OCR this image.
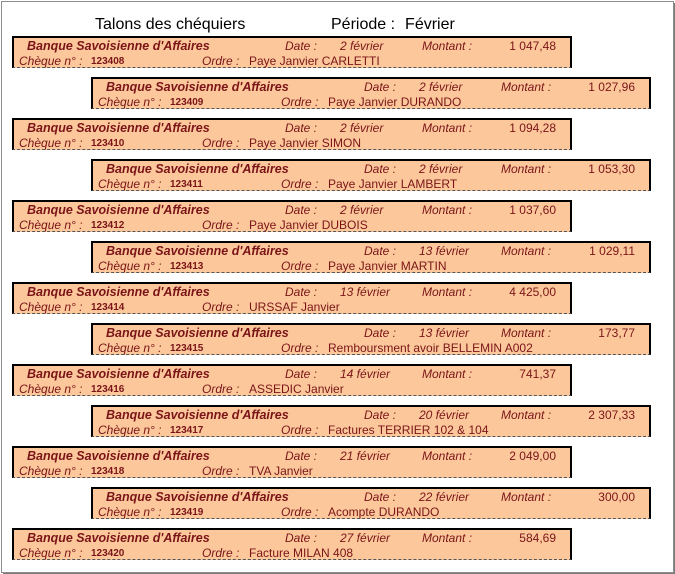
Talons des chéquiers	Période : Février
Banque Savoisienne d'Affaires	Date : 2 février	Montant :	1 047,48
Chèque n° : 123408	Ordre : Paye Janvier CARLETTI
Banque Savoisienne d'Affaires	Date : 2 février	Montant :	1 027,96
Chèque n° : 123409	Ordre : Paye Janvier DURANDO
Banque Savoisienne d'Affaires	Date : 2 février	Montant :	1 094,28
Chèque n° : 123410	Ordre : Paye Janvier SIMON
Banque Savoisienne d'Affaires	Date : 2 février	Montant :	1 053,30
Chèque n° : 123411	Ordre : Paye Janvier LAMBERT
Banque Savoisienne d'Affaires	Date : 2 février	Montant :	1 037,60
Chèque n° : 123412	Ordre : Paye Janvier DUBOIS
Banque Savoisienne d'Affaires	Date : 13 février	Montant :	1 029,11
Chèque n° : 123413	Ordre : Paye Janvier MARTIN
Banque Savoisienne d'Affaires	Date : 13 février	Montant :	4 425,00
Chèque n° : 123414	Ordre : URSSAF Janvier
Banque Savoisienne d'Affaires	Date : 13 février	Montant :	173,77
Chèque n° : 123415	Ordre : Remboursment avoir BELLEMIN A002
Banque Savoisienne d'Affaires	Date : 14 février	Montant :	741,37
Chèque n° : 123416	Ordre : ASSEDIC Janvier
Banque Savoisienne d'Affaires	Date : 20 février	Montant :	2 307,33
Chèque n° : 123417	Ordre : Factures TERRIER 102 & 104
Banque Savoisienne d'Affaires	Date : 21 février	Montant :	2 049,00
Chèque n° : 123418	Ordre : TVA Janvier
Banque Savoisienne d'Affaires	Date : 22 février	Montant :	300,00
Chèque n° : 123419	Ordre : Acompte DURANDO
Banque Savoisienne d'Affaires	Date : 27 février	Montant :	584,69
Chèque n° : 123420	Ordre : Facture MILAN 408
